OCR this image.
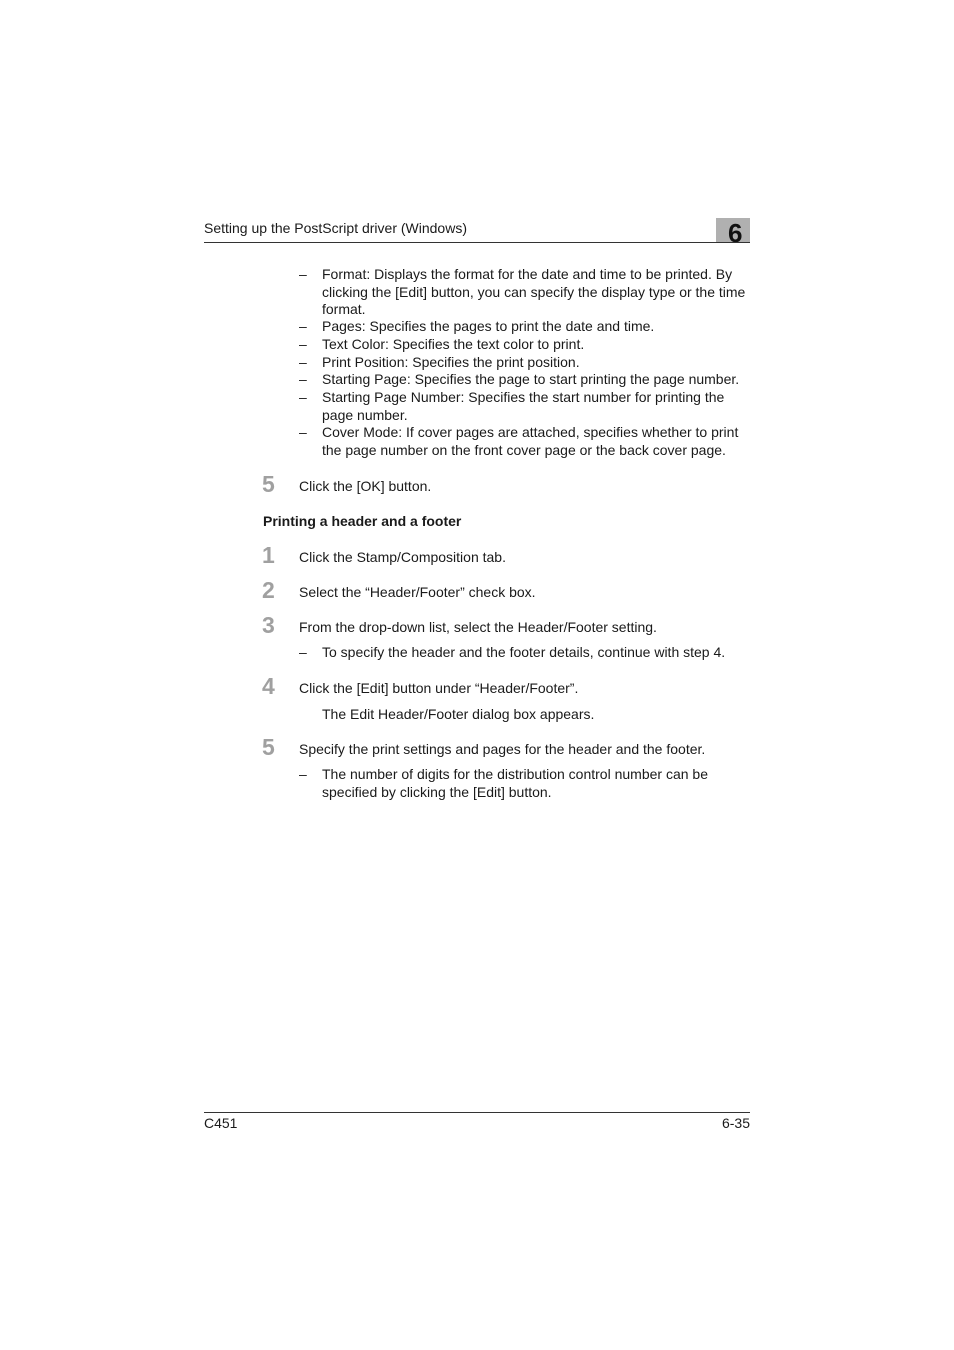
Setting up the PostScript driver (Windows)	6
– Format: Displays the format for the date and time to be printed. By clicking the [Edit] button, you can specify the display type or the time format.
– Pages: Specifies the pages to print the date and time.
– Text Color: Specifies the text color to print.
– Print Position: Specifies the print position.
– Starting Page: Specifies the page to start printing the page number.
– Starting Page Number: Specifies the start number for printing the page number.
– Cover Mode: If cover pages are attached, specifies whether to print the page number on the front cover page or the back cover page.
5 Click the [OK] button.
Printing a header and a footer
1 Click the Stamp/Composition tab.
2 Select the “Header/Footer” check box.
3 From the drop-down list, select the Header/Footer setting.
– To specify the header and the footer details, continue with step 4.
4 Click the [Edit] button under “Header/Footer”.
The Edit Header/Footer dialog box appears.
5 Specify the print settings and pages for the header and the footer.
– The number of digits for the distribution control number can be specified by clicking the [Edit] button.
C451	6-35
